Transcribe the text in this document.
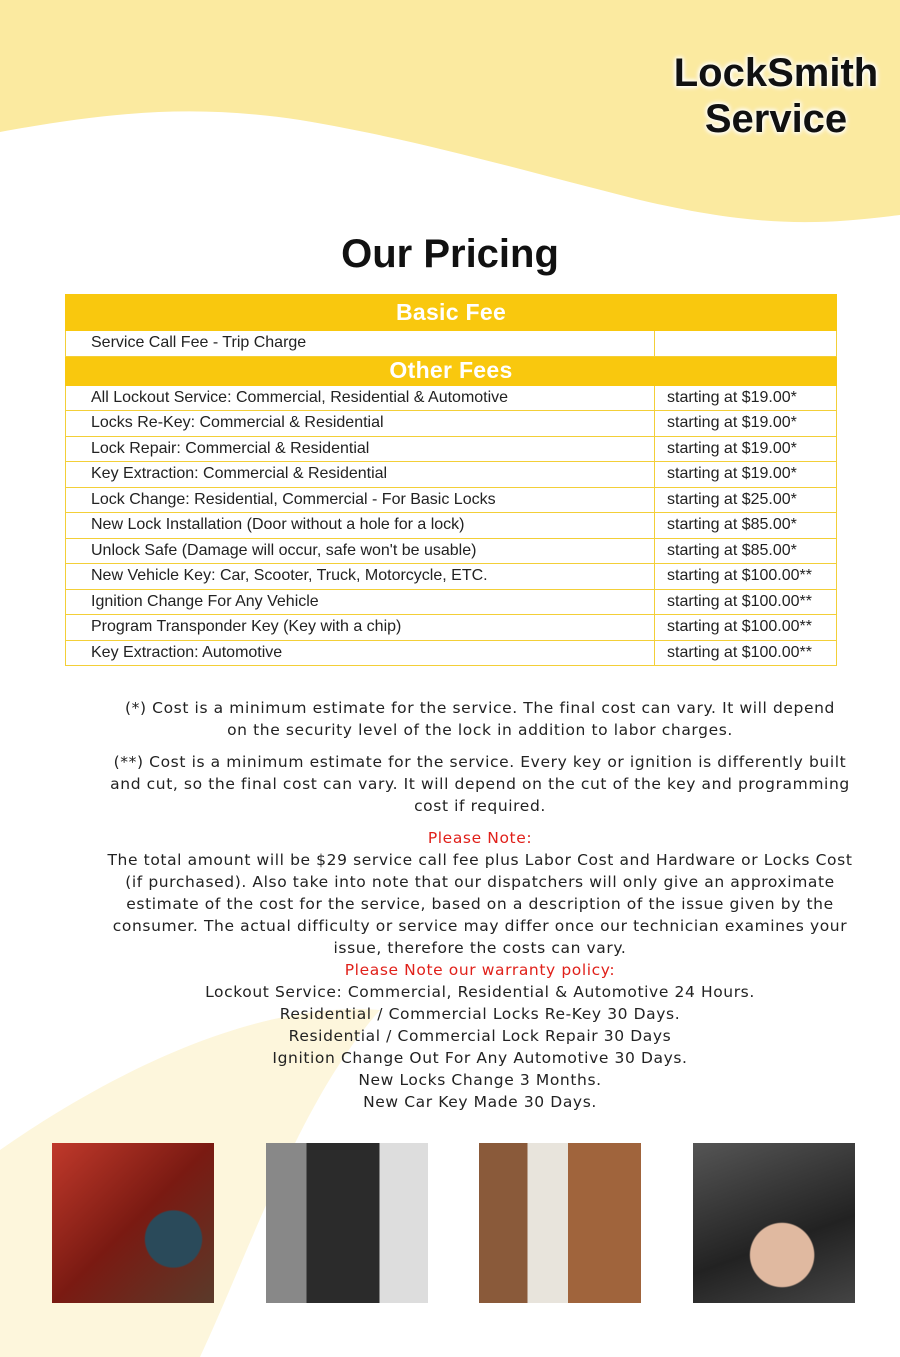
LockSmith
Service
Our Pricing
Basic Fee	
Service Call Fee - Trip Charge	
Other Fees	
All Lockout Service: Commercial, Residential & Automotive	starting at $19.00*
Locks Re-Key: Commercial & Residential	starting at $19.00*
Lock Repair: Commercial & Residential	starting at $19.00*
Key Extraction: Commercial & Residential	starting at $19.00*
Lock Change: Residential, Commercial - For Basic Locks	starting at $25.00*
New Lock Installation (Door without a hole for a lock)	starting at $85.00*
Unlock Safe (Damage will occur, safe won't be usable)	starting at $85.00*
New Vehicle Key: Car, Scooter, Truck, Motorcycle, ETC.	starting at $100.00**
Ignition Change For Any Vehicle	starting at $100.00**
Program Transponder Key (Key with a chip)	starting at $100.00**
Key Extraction: Automotive	starting at $100.00**

(*) Cost is a minimum estimate for the service. The final cost can vary. It will depend on the security level of the lock in addition to labor charges.

(**) Cost is a minimum estimate for the service. Every key or ignition is differently built and cut, so the final cost can vary. It will depend on the cut of the key and programming cost if required.

Please Note:

The total amount will be $29 service call fee plus Labor Cost and Hardware or Locks Cost (if purchased). Also take into note that our dispatchers will only give an approximate estimate of the cost for the service, based on a description of the issue given by the consumer. The actual difficulty or service may differ once our technician examines your issue, therefore the costs can vary.

Please Note our warranty policy:
Lockout Service: Commercial, Residential & Automotive 24 Hours.
Residential / Commercial Locks Re-Key 30 Days.
Residential / Commercial Lock Repair 30 Days
Ignition Change Out For Any Automotive 30 Days.
New Locks Change 3 Months.
New Car Key Made 30 Days.
